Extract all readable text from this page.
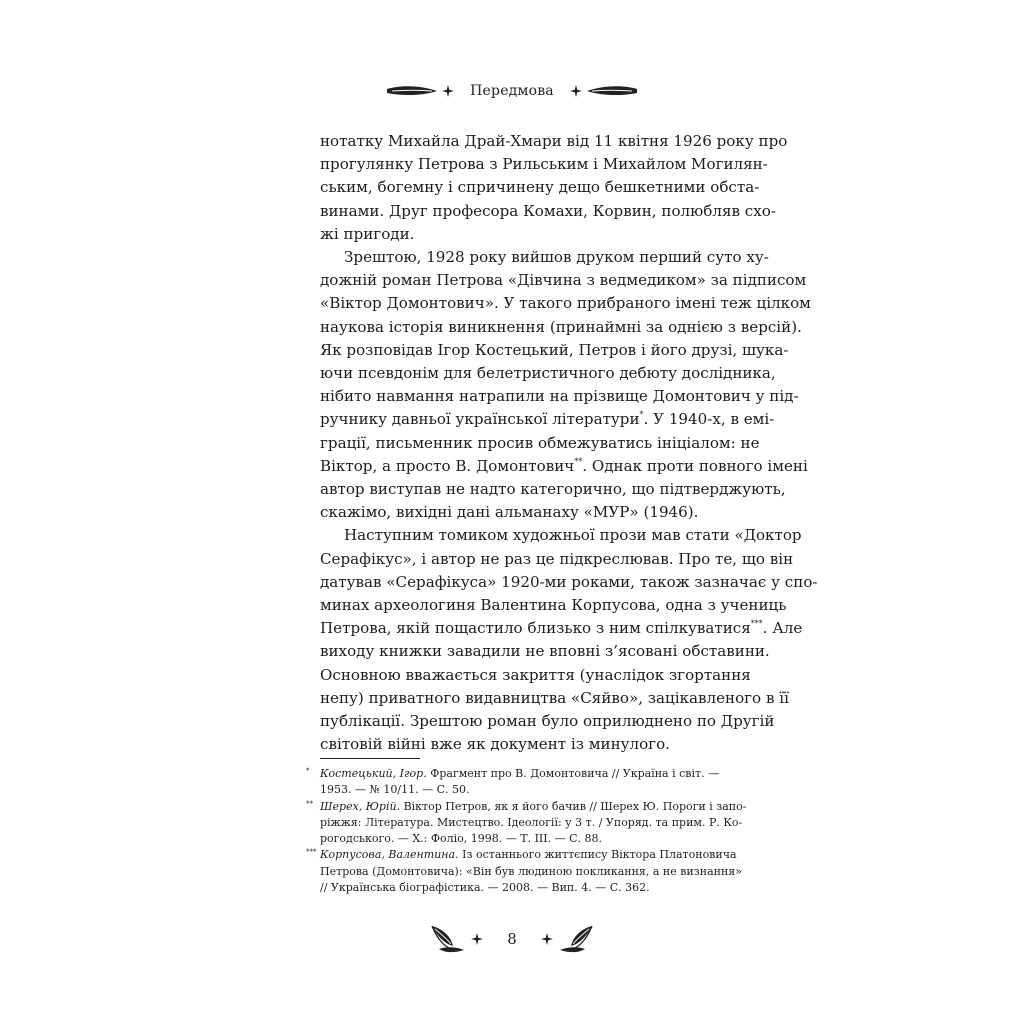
Передмова

нотатку Михайла Драй-Хмари від 11 квітня 1926 року про
прогулянку Петрова з Рильським і Михайлом Могилян-
ським, богемну і спричинену дещо бешкетними обста-
винами. Друг професора Комахи, Корвин, полюбляв схо-
жі пригоди.

Зрештою, 1928 року вийшов друком перший суто ху-
дожній роман Петрова «Дівчина з ведмедиком» за підписом
«Віктор Домонтович». У такого прибраного імені теж цілком
наукова історія виникнення (принаймні за однією з версій).
Як розповідав Ігор Костецький, Петров і його друзі, шука-
ючи псевдонім для белетристичного дебюту дослідника,
нібито навмання натрапили на прізвище Домонтович у під-
ручнику давньої української літератури*. У 1940-х, в емі-
грації, письменник просив обмежуватись ініціалом: не
Віктор, а просто В. Домонтович**. Однак проти повного імені
автор виступав не надто категорично, що підтверджують,
скажімо, вихідні дані альманаху «МУР» (1946).

Наступним томиком художньої прози мав стати «Доктор
Серафікус», і автор не раз це підкреслював. Про те, що він
датував «Серафікуса» 1920-ми роками, також зазначає у спо-
минах археологиня Валентина Корпусова, одна з учениць
Петрова, якій пощастило близько з ним спілкуватися***. Але
виходу книжки завадили не вповні з’ясовані обставини.
Основною вважається закриття (унаслідок згортання
непу) приватного видавництва «Сяйво», зацікавленого в її
публікації. Зрештою роман було оприлюднено по Другій
світовій війні вже як документ із минулого.

* Костецький, Ігор. Фрагмент про В. Домонтовича // Україна і світ. —
1953. — № 10/11. — С. 50.
** Шерех, Юрій. Віктор Петров, як я його бачив // Шерех Ю. Пороги і запо-
ріжжя: Література. Мистецтво. Ідеології: у 3 т. / Упоряд. та прим. Р. Ко-
рогодського. — Х.: Фоліо, 1998. — Т. ІІІ. — С. 88.
*** Корпусова, Валентина. Із останнього життєпису Віктора Платоновича
Петрова (Домонтовича): «Він був людиною покликання, а не визнання»
// Українська біографістика. — 2008. — Вип. 4. — С. 362.
8
